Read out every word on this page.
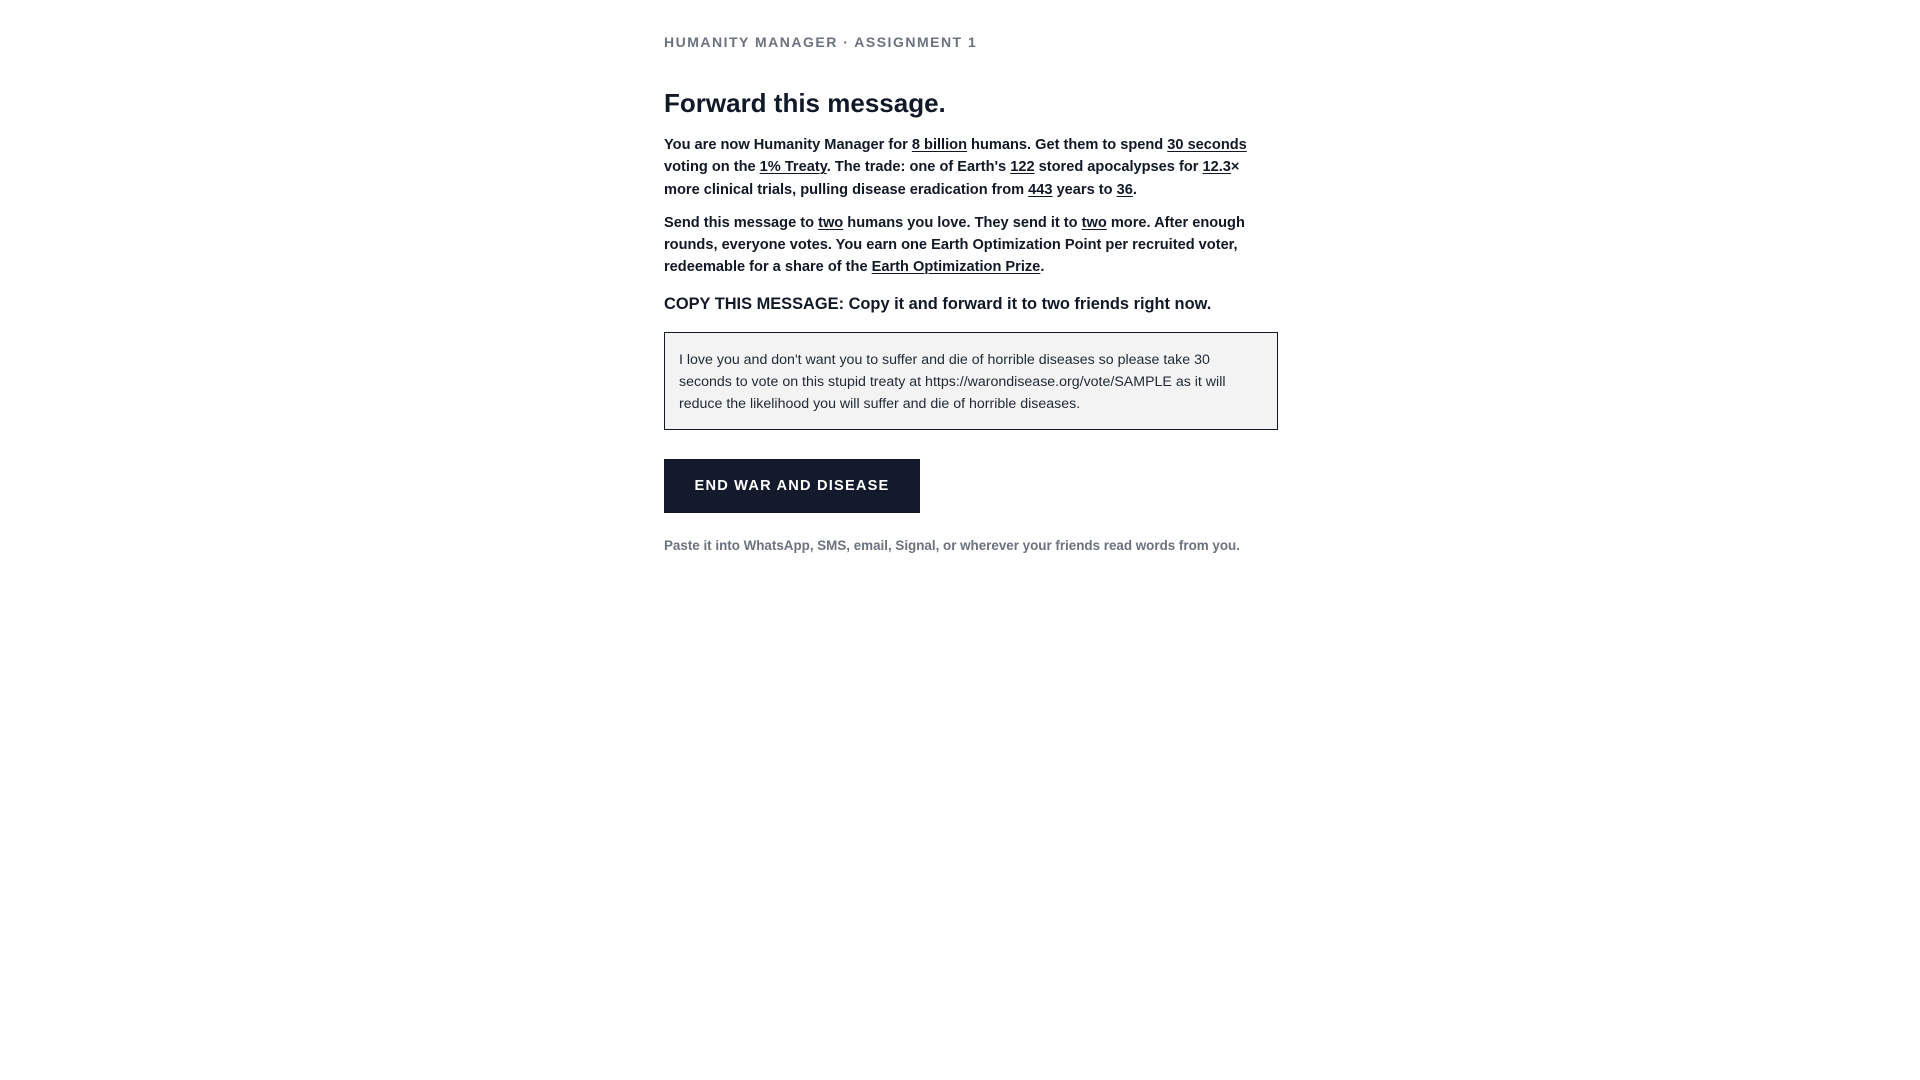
HUMANITY MANAGER · ASSIGNMENT 1
Forward this message.

You are now Humanity Manager for 8 billion humans. Get them to spend 30 seconds voting on the 1% Treaty. The trade: one of Earth's 122 stored apocalypses for 12.3× more clinical trials, pulling disease eradication from 443 years to 36.

Send this message to two humans you love. They send it to two more. After enough rounds, everyone votes. You earn one Earth Optimization Point per recruited voter, redeemable for a share of the Earth Optimization Prize.

COPY THIS MESSAGE: Copy it and forward it to two friends right now.
I love you and don't want you to suffer and die of horrible diseases so please take 30 seconds to vote on this stupid treaty at https://warondisease.org/vote/SAMPLE as it will reduce the likelihood you will suffer and die of horrible diseases.
END WAR AND DISEASE
Paste it into WhatsApp, SMS, email, Signal, or wherever your friends read words from you.
